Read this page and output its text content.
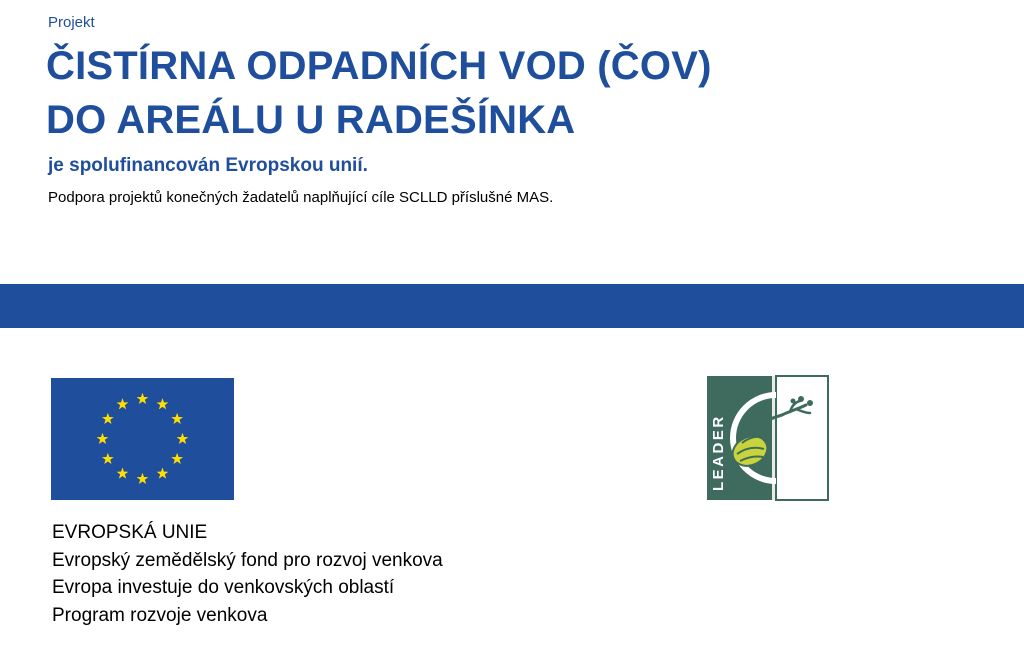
Projekt
ČISTÍRNA ODPADNÍCH VOD (ČOV)
DO AREÁLU U RADEŠÍNKA
je spolufinancován Evropskou unií.
Podpora projektů konečných žadatelů naplňující cíle SCLLD příslušné MAS.
LEADER
EVROPSKÁ UNIE
Evropský zemědělský fond pro rozvoj venkova
Evropa investuje do venkovských oblastí
Program rozvoje venkova
